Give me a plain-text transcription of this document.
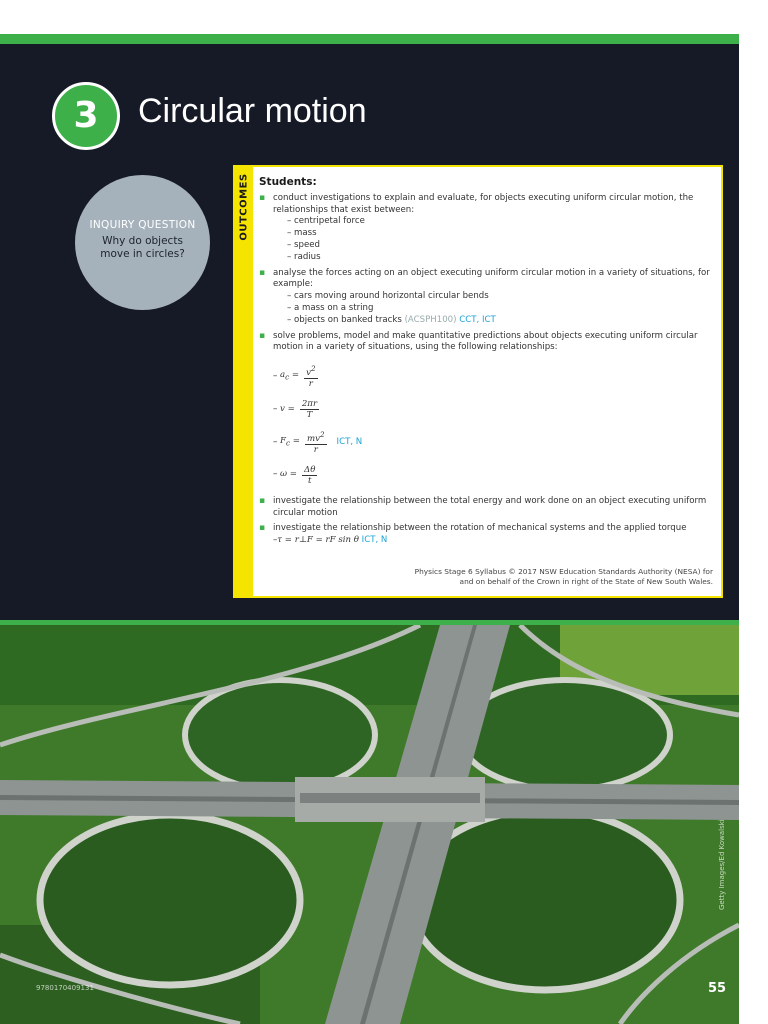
3	Circular motion
INQUIRY QUESTION
Why do objects move in circles?
OUTCOMES Students:
▪ conduct investigations to explain and evaluate, for objects executing uniform circular motion, the relationships that exist between:
– centripetal force
– mass
– speed
– radius
▪ analyse the forces acting on an object executing uniform circular motion in a variety of situations, for example:
– cars moving around horizontal circular bends
– a mass on a string
– objects on banked tracks (ACSPH100) CCT, ICT
▪ solve problems, model and make quantitative predictions about objects executing uniform circular motion in a variety of situations, using the following relationships:
– $a_c = \frac{v^2}{r}$
– $v = \frac{2\pi r}{T}$
– $F_c = \frac{mv^2}{r}$ ICT, N
– $\omega = \frac{\Delta\theta}{t}$
▪ investigate the relationship between the total energy and work done on an object executing uniform circular motion
▪ investigate the relationship between the rotation of mechanical systems and the applied torque
–τ = r⊥F = rF sin θ ICT, N
Physics Stage 6 Syllabus © 2017 NSW Education Standards Authority (NESA) for
and on behalf of the Crown in right of the State of New South Wales.
9780170409131
Getty Images/Ed Kowalski
55
